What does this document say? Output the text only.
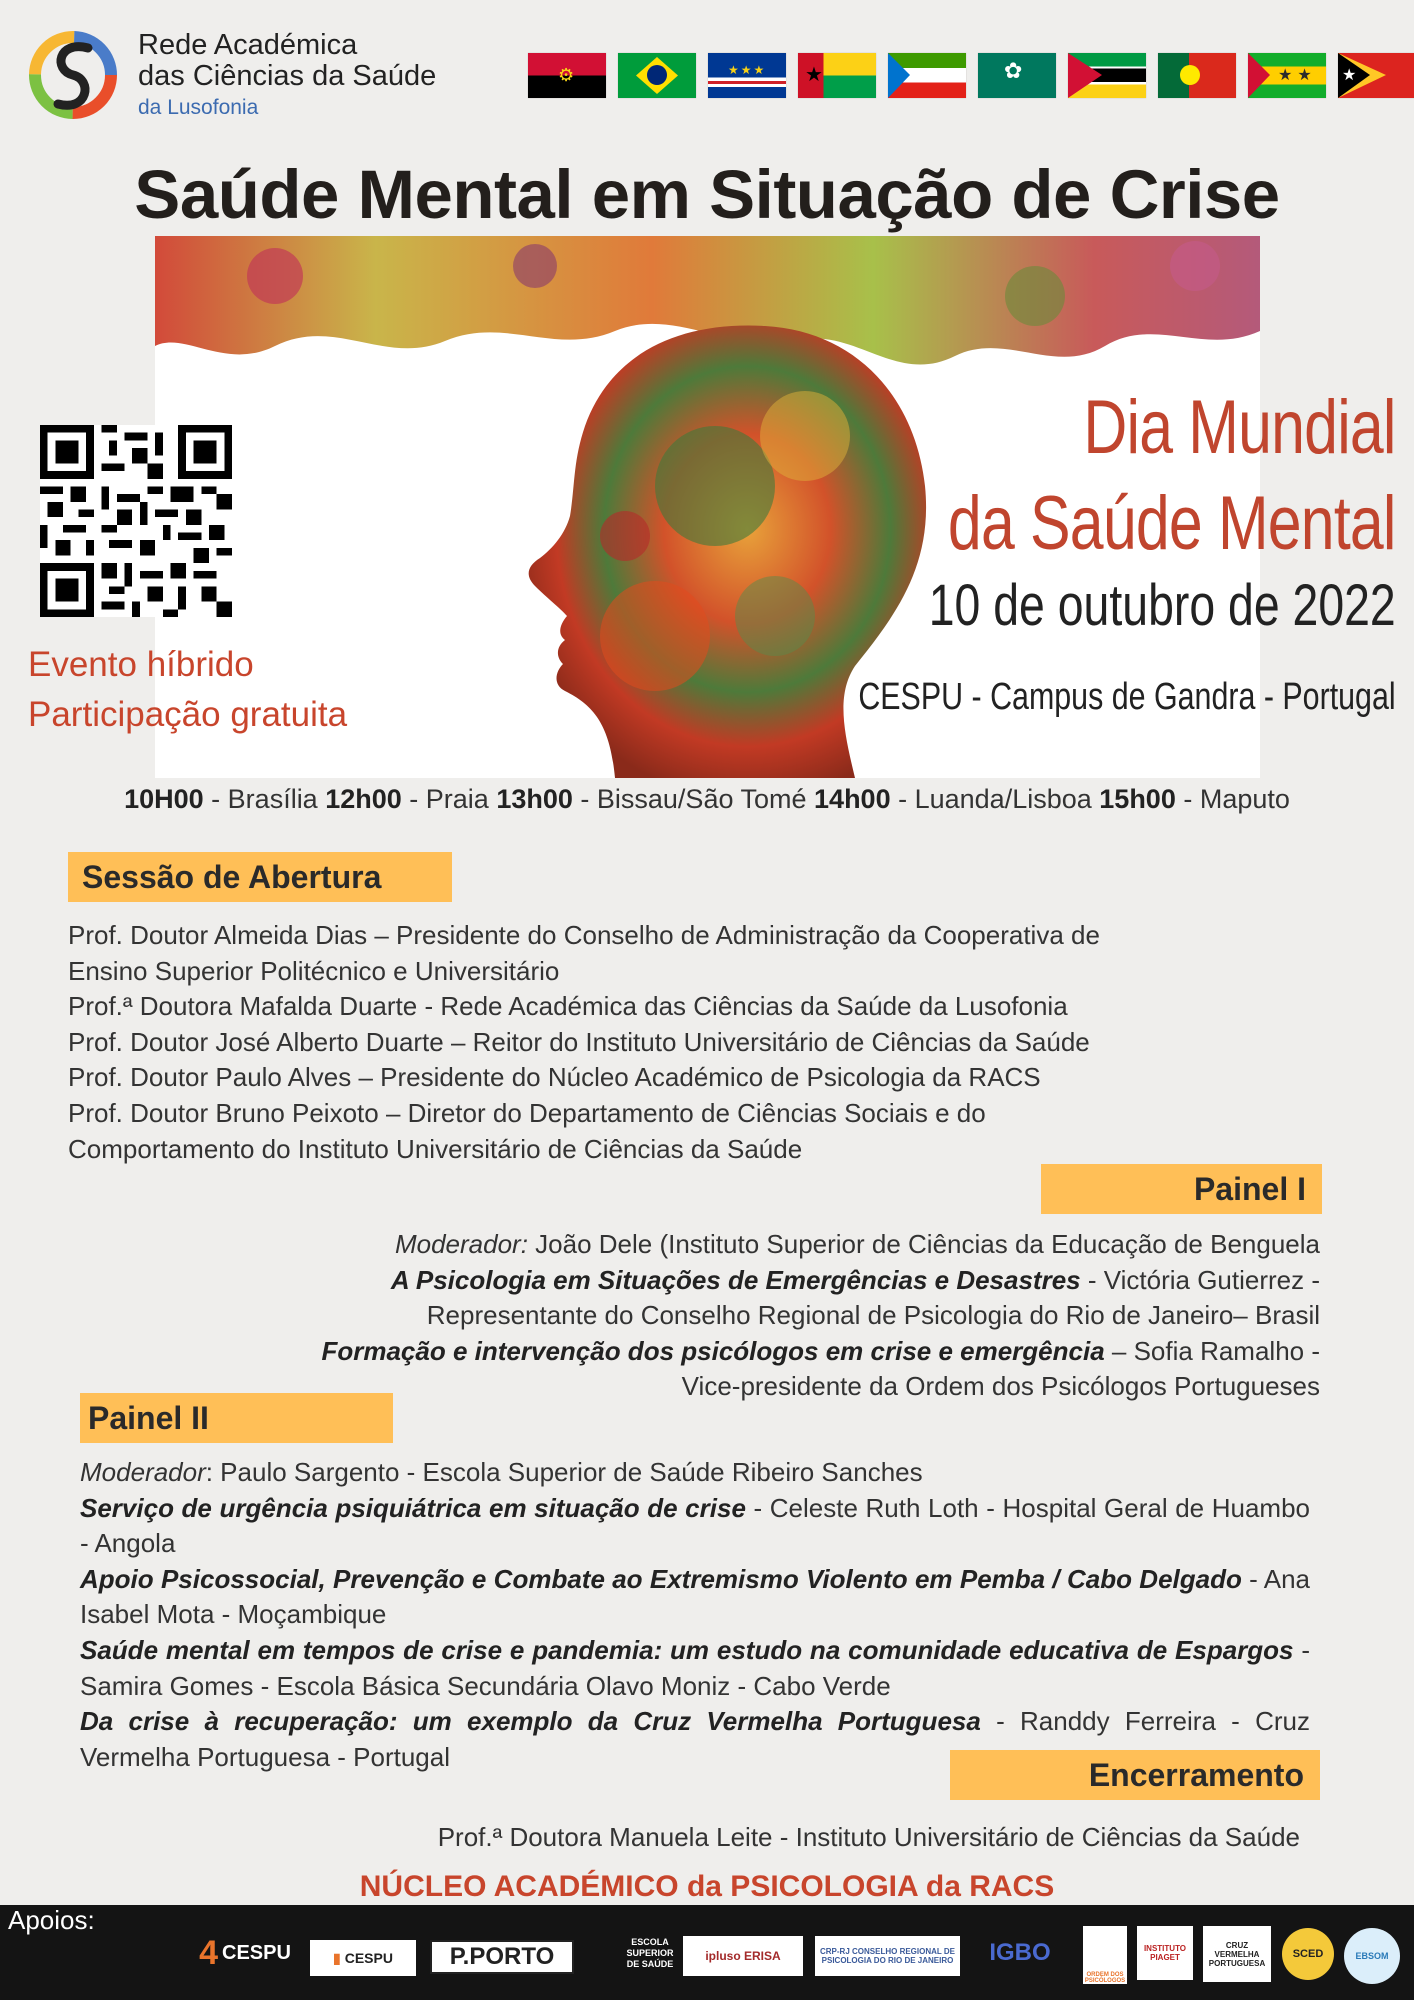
Rede Académica
das Ciências da Saúde
da Lusofonia
⚙	★★★ ★	✿	★ ★ ★
Saúde Mental em Situação de Crise
Evento híbrido
Participação gratuita
Dia Mundial
da Saúde Mental
10 de outubro de 2022
CESPU - Campus de Gandra - Portugal
10H00 - Brasília 12h00 - Praia 13h00 - Bissau/São Tomé 14h00 - Luanda/Lisboa 15h00 - Maputo
Sessão de Abertura
Prof. Doutor Almeida Dias – Presidente do Conselho de Administração da Cooperativa de
Ensino Superior Politécnico e Universitário
Prof.ª Doutora Mafalda Duarte - Rede Académica das Ciências da Saúde da Lusofonia
Prof. Doutor José Alberto Duarte – Reitor do Instituto Universitário de Ciências da Saúde
Prof. Doutor Paulo Alves – Presidente do Núcleo Académico de Psicologia da RACS
Prof. Doutor Bruno Peixoto – Diretor do Departamento de Ciências Sociais e do
Comportamento do Instituto Universitário de Ciências da Saúde
Painel I
Moderador: João Dele (Instituto Superior de Ciências da Educação de Benguela
A Psicologia em Situações de Emergências e Desastres - Victória Gutierrez -
Representante do Conselho Regional de Psicologia do Rio de Janeiro– Brasil
Formação e intervenção dos psicólogos em crise e emergência – Sofia Ramalho -
Vice-presidente da Ordem dos Psicólogos Portugueses
Painel II
Moderador: Paulo Sargento - Escola Superior de Saúde Ribeiro Sanches
Serviço de urgência psiquiátrica em situação de crise - Celeste Ruth Loth - Hospital Geral de Huambo - Angola
Apoio Psicossocial, Prevenção e Combate ao Extremismo Violento em Pemba / Cabo Delgado - Ana Isabel Mota - Moçambique
Saúde mental em tempos de crise e pandemia: um estudo na comunidade educativa de Espargos - Samira Gomes - Escola Básica Secundária Olavo Moniz - Cabo Verde
Da crise à recuperação: um exemplo da Cruz Vermelha Portuguesa - Randdy Ferreira - Cruz Vermelha Portuguesa - Portugal
Encerramento
Prof.ª Doutora Manuela Leite - Instituto Universitário de Ciências da Saúde
NÚCLEO ACADÉMICO da PSICOLOGIA da RACS
Apoios:
4 CESPU	▮ CESPU	P.PORTO
ESCOLA SUPERIOR DE SAÚDE
ipluso ERISA	CRP-RJ CONSELHO REGIONAL DE PSICOLOGIA DO RIO DE JANEIRO	IGBO
ORDEM DOS PSICÓLOGOS
INSTITUTO PIAGET
CRUZ VERMELHA PORTUGUESA
SCED	EBSOM
